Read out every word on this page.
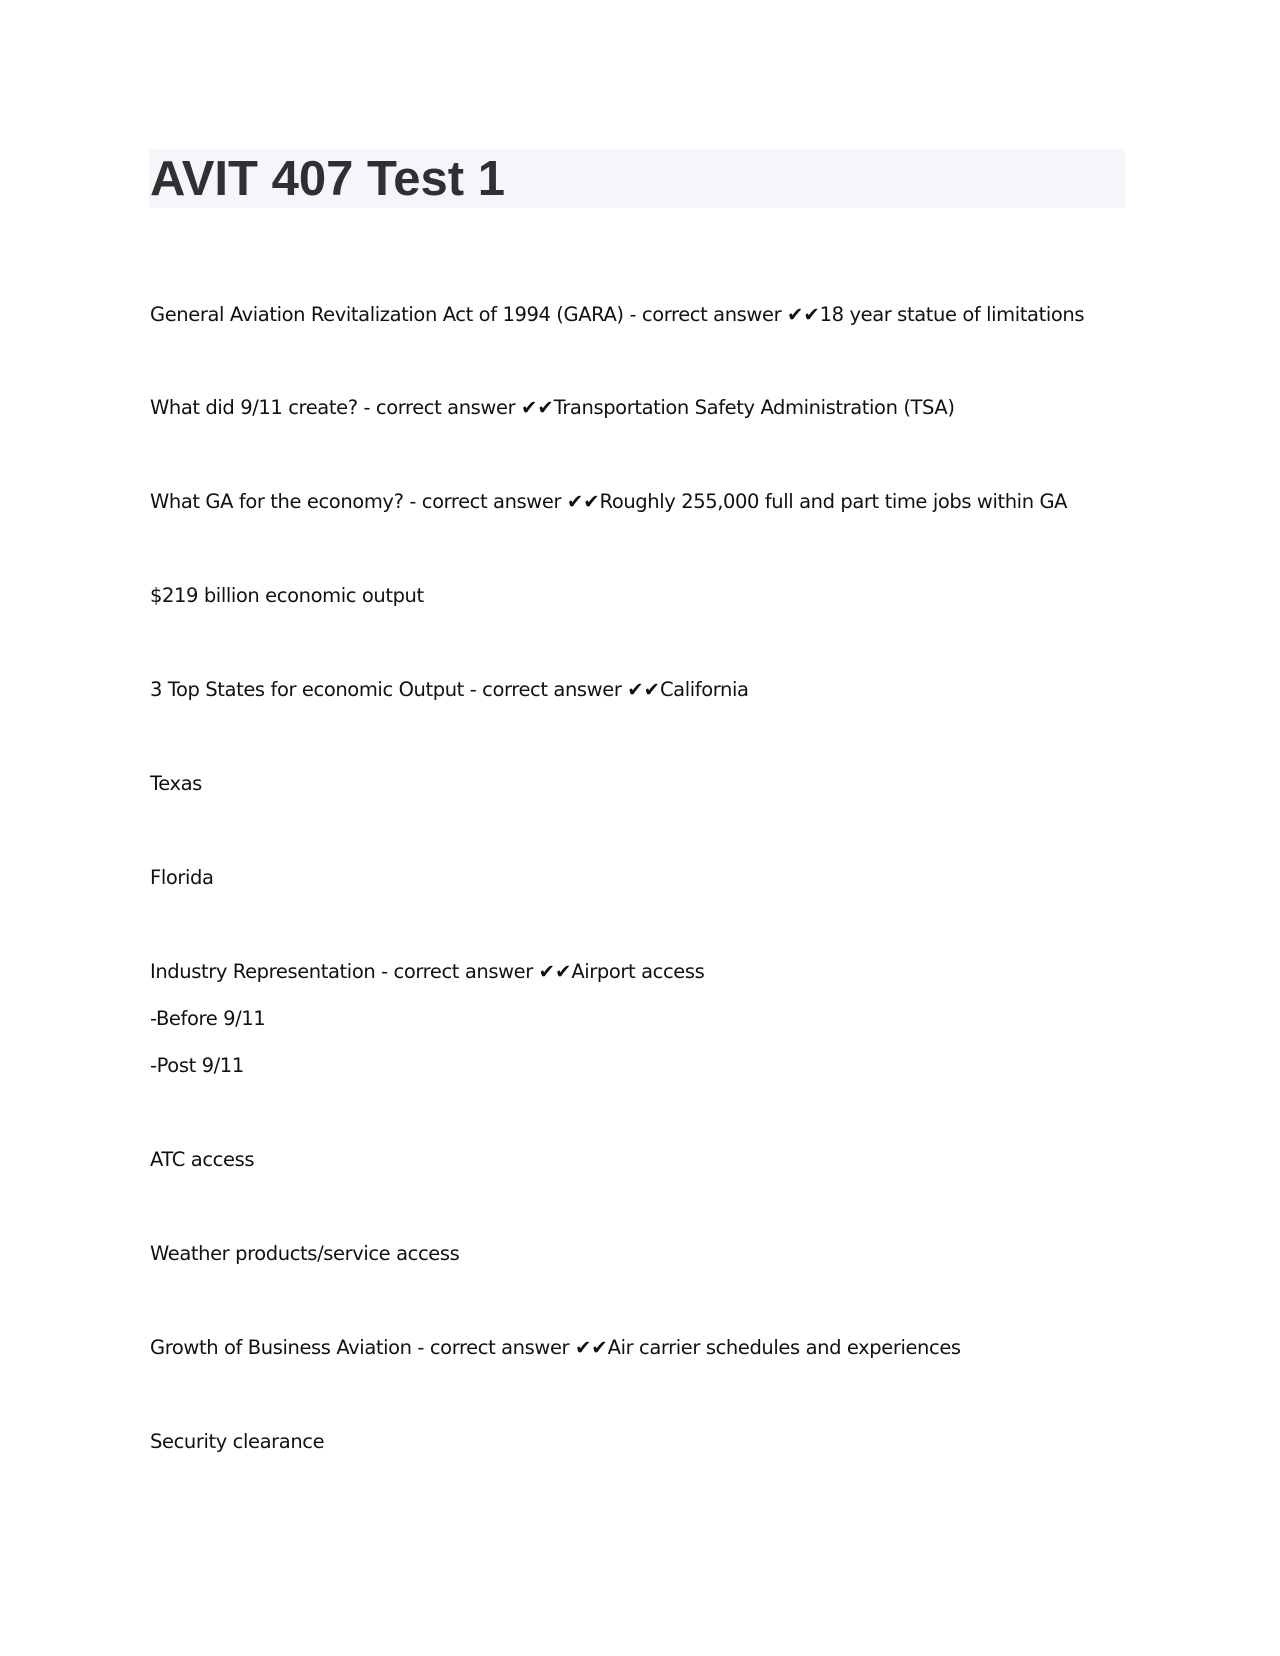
AVIT 407 Test 1

General Aviation Revitalization Act of 1994 (GARA) - correct answer ✔✔18 year statue of limitations

What did 9/11 create? - correct answer ✔✔Transportation Safety Administration (TSA)

What GA for the economy? - correct answer ✔✔Roughly 255,000 full and part time jobs within GA

$219 billion economic output

3 Top States for economic Output - correct answer ✔✔California

Texas

Florida

Industry Representation - correct answer ✔✔Airport access

-Before 9/11

-Post 9/11

ATC access

Weather products/service access

Growth of Business Aviation - correct answer ✔✔Air carrier schedules and experiences

Security clearance
